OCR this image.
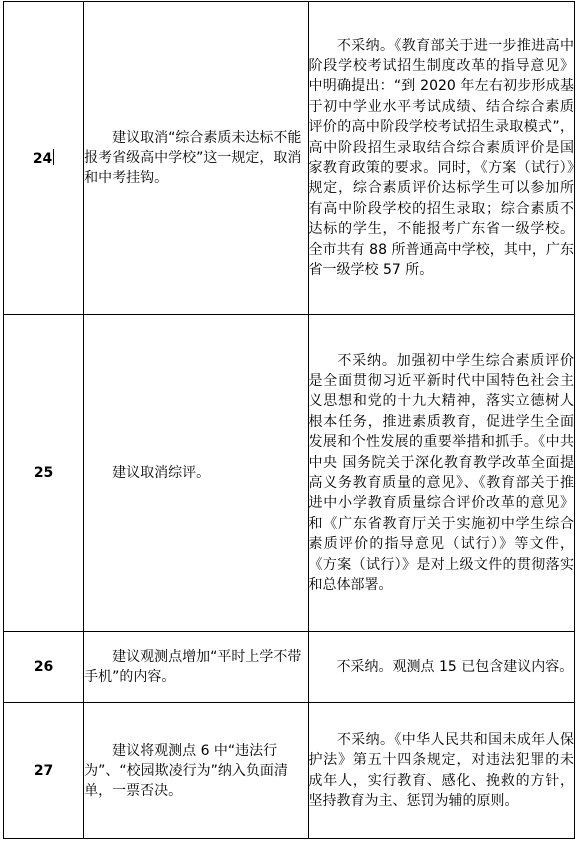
24	建议取消“综合素质未达标不能报考省级高中学校”这一规定，取消和中考挂钩。	不采纳。《教育部关于进一步推进高中阶段学校考试招生制度改革的指导意见》中明确提出：“到 2020 年左右初步形成基于初中学业水平考试成绩、结合综合素质评价的高中阶段学校考试招生录取模式”，高中阶段招生录取结合综合素质评价是国家教育政策的要求。同时，《方案（试行）》规定，综合素质评价达标学生可以参加所有高中阶段学校的招生录取；综合素质不达标的学生，不能报考广东省一级学校。全市共有 88 所普通高中学校，其中，广东省一级学校 57 所。
25	建议取消综评。	不采纳。加强初中学生综合素质评价是全面贯彻习近平新时代中国特色社会主义思想和党的十九大精神，落实立德树人根本任务，推进素质教育，促进学生全面发展和个性发展的重要举措和抓手。《中共中央 国务院关于深化教育教学改革全面提高义务教育质量的意见》、《教育部关于推进中小学教育质量综合评价改革的意见》和《广东省教育厅关于实施初中学生综合素质评价的指导意见（试行）》等文件，《方案（试行）》是对上级文件的贯彻落实和总体部署。
26	建议观测点增加“平时上学不带手机”的内容。	不采纳。观测点 15 已包含建议内容。
27	建议将观测点 6 中“违法行为”、“校园欺凌行为”纳入负面清单，一票否决。	不采纳。《中华人民共和国未成年人保护法》第五十四条规定，对违法犯罪的未成年人，实行教育、感化、挽救的方针，坚持教育为主、惩罚为辅的原则。
